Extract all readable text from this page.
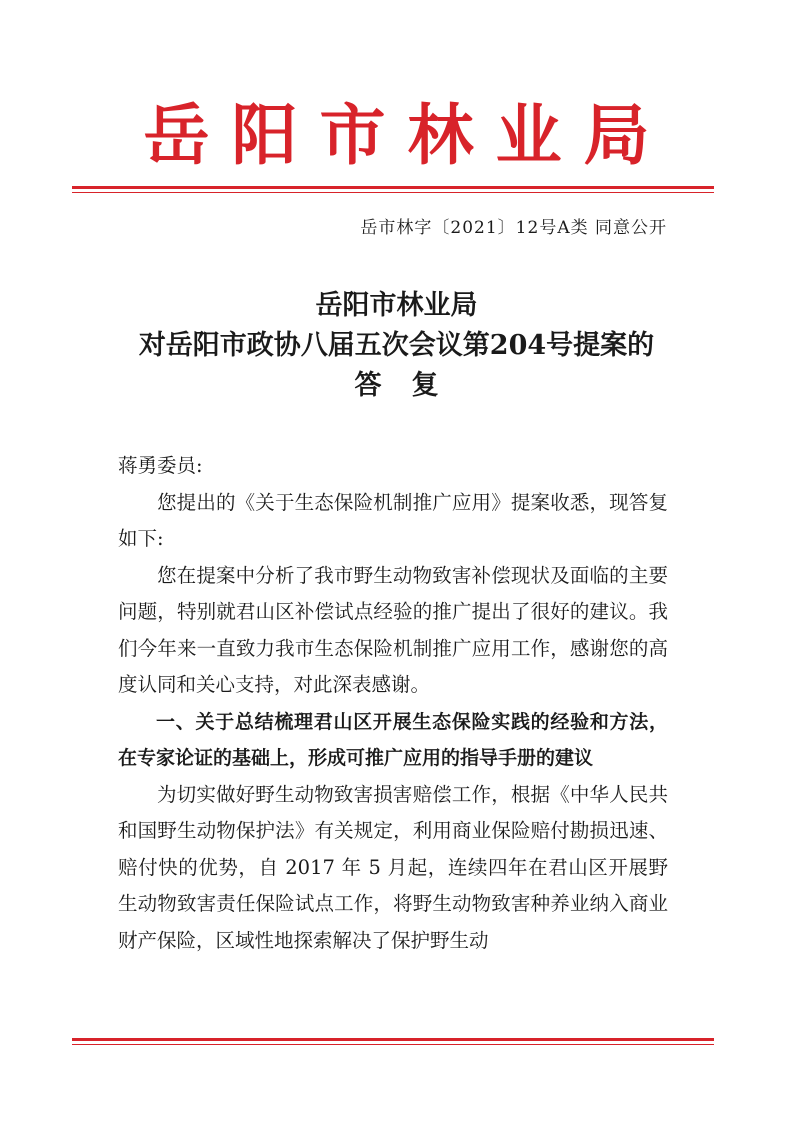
岳阳市林业局
岳市林字〔2021〕12号A类 同意公开
岳阳市林业局
对岳阳市政协八届五次会议第204号提案的
答复

蒋勇委员:

您提出的《关于生态保险机制推广应用》提案收悉，现答复如下:

您在提案中分析了我市野生动物致害补偿现状及面临的主要问题，特别就君山区补偿试点经验的推广提出了很好的建议。我们今年来一直致力我市生态保险机制推广应用工作，感谢您的高度认同和关心支持，对此深表感谢。

一、关于总结梳理君山区开展生态保险实践的经验和方法，在专家论证的基础上，形成可推广应用的指导手册的建议

为切实做好野生动物致害损害赔偿工作，根据《中华人民共和国野生动物保护法》有关规定，利用商业保险赔付勘损迅速、赔付快的优势，自 2017 年 5 月起，连续四年在君山区开展野生动物致害责任保险试点工作，将野生动物致害种养业纳入商业财产保险，区域性地探索解决了保护野生动
